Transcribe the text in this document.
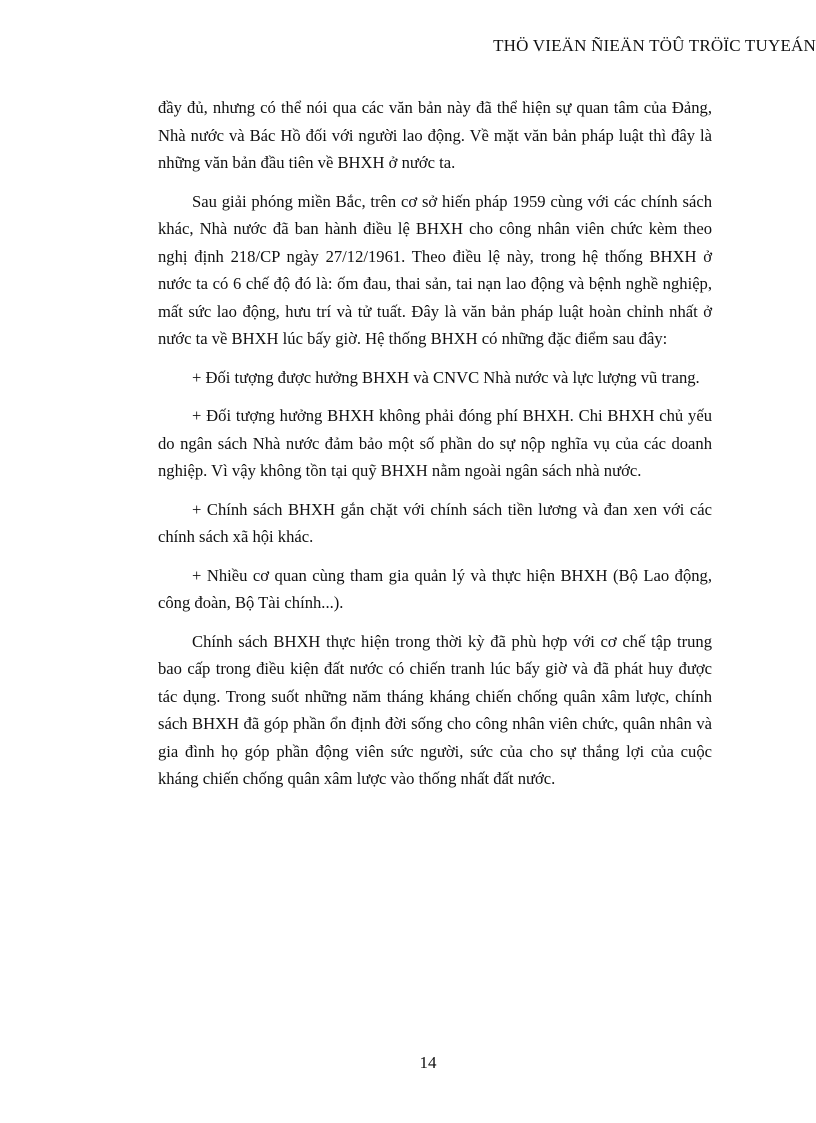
THÖ VIEÄN ÑIEÄN TÖÛ TRÖÏC TUYEÁN

đầy đủ, nhưng có thể nói qua các văn bản này đã thể hiện sự quan tâm của Đảng, Nhà nước và Bác Hồ đối với người lao động. Về mặt văn bản pháp luật thì đây là những văn bản đầu tiên về BHXH ở nước ta.

Sau giải phóng miền Bắc, trên cơ sở hiến pháp 1959 cùng với các chính sách khác, Nhà nước đã ban hành điều lệ BHXH cho công nhân viên chức kèm theo nghị định 218/CP ngày 27/12/1961. Theo điều lệ này, trong hệ thống BHXH ở nước ta có 6 chế độ đó là: ốm đau, thai sản, tai nạn lao động và bệnh nghề nghiệp, mất sức lao động, hưu trí và tử tuất. Đây là văn bản pháp luật hoàn chỉnh nhất ở nước ta về BHXH lúc bấy giờ. Hệ thống BHXH có những đặc điểm sau đây:

+ Đối tượng được hưởng BHXH và CNVC Nhà nước và lực lượng vũ trang.

+ Đối tượng hưởng BHXH không phải đóng phí BHXH. Chi BHXH chủ yếu do ngân sách Nhà nước đảm bảo một số phần do sự nộp nghĩa vụ của các doanh nghiệp. Vì vậy không tồn tại quỹ BHXH nằm ngoài ngân sách nhà nước.

+ Chính sách BHXH gắn chặt với chính sách tiền lương và đan xen với các chính sách xã hội khác.

+ Nhiều cơ quan cùng tham gia quản lý và thực hiện BHXH (Bộ Lao động, công đoàn, Bộ Tài chính...).

Chính sách BHXH thực hiện trong thời kỳ đã phù hợp với cơ chế tập trung bao cấp trong điều kiện đất nước có chiến tranh lúc bấy giờ và đã phát huy được tác dụng. Trong suốt những năm tháng kháng chiến chống quân xâm lược, chính sách BHXH đã góp phần ổn định đời sống cho công nhân viên chức, quân nhân và gia đình họ góp phần động viên sức người, sức của cho sự thắng lợi của cuộc kháng chiến chống quân xâm lược vào thống nhất đất nước.

14
